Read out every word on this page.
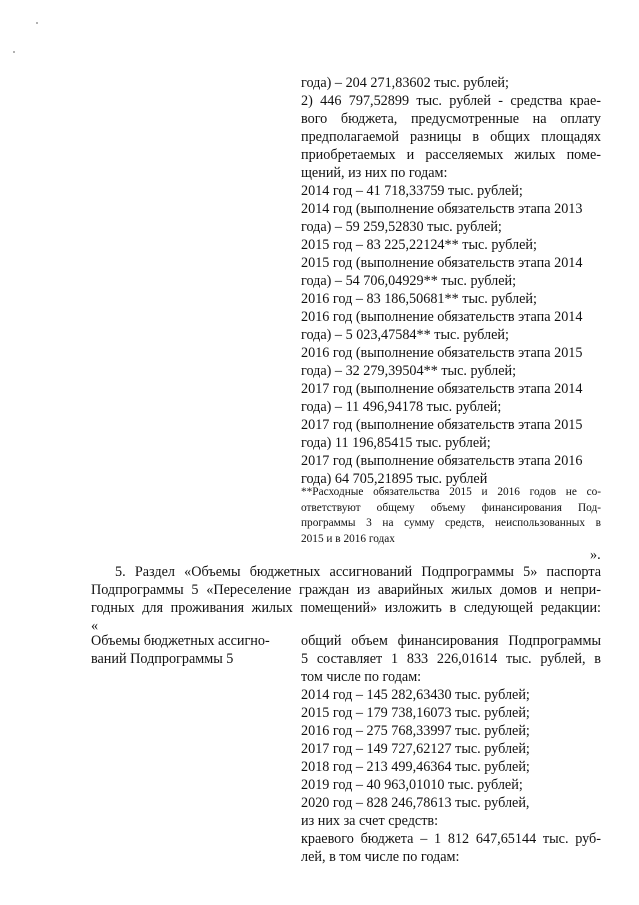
года) – 204 271,83602 тыс. рублей;
2) 446 797,52899 тыс. рублей - средства крае-
вого бюджета, предусмотренные на оплату
предполагаемой разницы в общих площадях
приобретаемых и расселяемых жилых поме-
щений, из них по годам:
2014 год – 41 718,33759 тыс. рублей;
2014 год (выполнение обязательств этапа 2013
года) – 59 259,52830 тыс. рублей;
2015 год – 83 225,22124** тыс. рублей;
2015 год (выполнение обязательств этапа 2014
года) – 54 706,04929** тыс. рублей;
2016 год – 83 186,50681** тыс. рублей;
2016 год (выполнение обязательств этапа 2014
года) – 5 023,47584** тыс. рублей;
2016 год (выполнение обязательств этапа 2015
года) – 32 279,39504** тыс. рублей;
2017 год (выполнение обязательств этапа 2014
года) – 11 496,94178 тыс. рублей;
2017 год (выполнение обязательств этапа 2015
года) 11 196,85415 тыс. рублей;
2017 год (выполнение обязательств этапа 2016
года) 64 705,21895 тыс. рублей
**Расходные обязательства 2015 и 2016 годов не со-
ответствуют общему объему финансирования Под-
программы 3 на сумму средств, неиспользованных в
2015 и в 2016 годах
».
5. Раздел «Объемы бюджетных ассигнований Подпрограммы 5» паспорта
Подпрограммы 5 «Переселение граждан из аварийных жилых домов и непри-
годных для проживания жилых помещений» изложить в следующей редакции:
«
Объемы бюджетных ассигно-
ваний Подпрограммы 5
общий объем финансирования Подпрограммы
5 составляет 1 833 226,01614 тыс. рублей, в
том числе по годам:
2014 год – 145 282,63430 тыс. рублей;
2015 год – 179 738,16073 тыс. рублей;
2016 год – 275 768,33997 тыс. рублей;
2017 год – 149 727,62127 тыс. рублей;
2018 год – 213 499,46364 тыс. рублей;
2019 год – 40 963,01010 тыс. рублей;
2020 год – 828 246,78613 тыс. рублей,
из них за счет средств:
краевого бюджета – 1 812 647,65144 тыс. руб-
лей, в том числе по годам:
